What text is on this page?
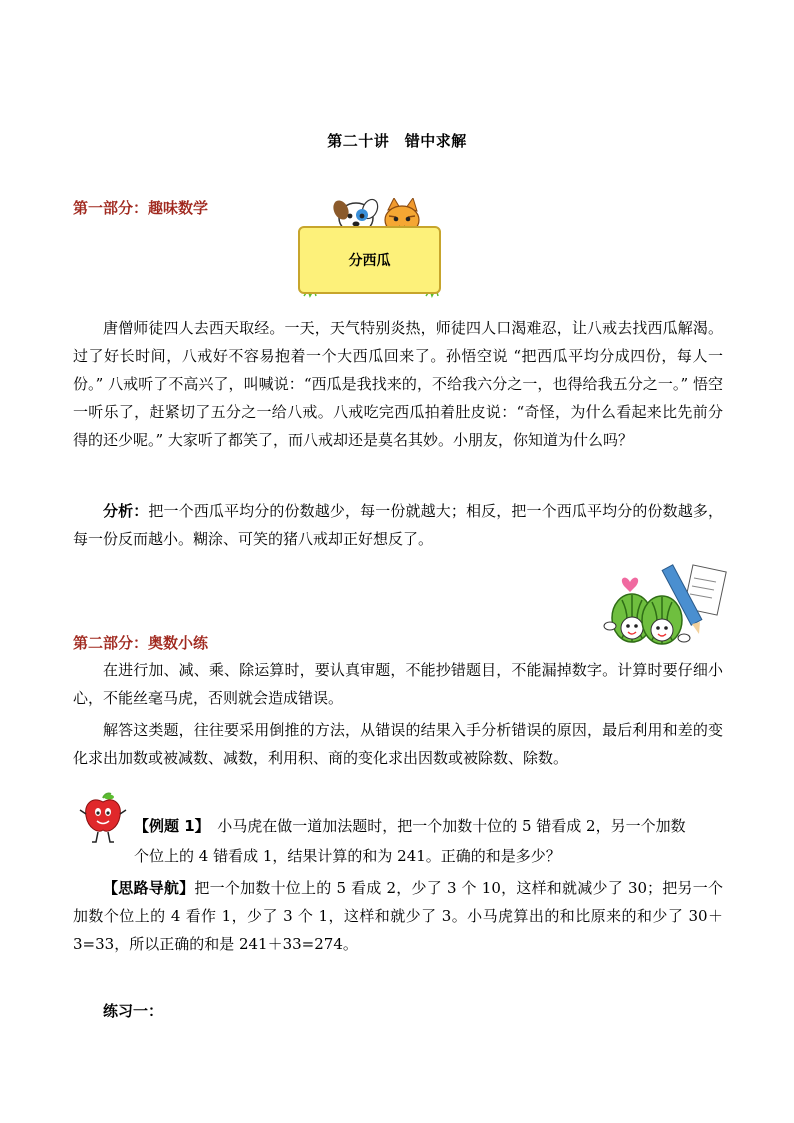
第二十讲　错中求解
第一部分：趣味数学
分西瓜
唐僧师徒四人去西天取经。一天，天气特别炎热，师徒四人口渴难忍，让八戒去找西瓜解渴。过了好长时间，八戒好不容易抱着一个大西瓜回来了。孙悟空说 “把西瓜平均分成四份，每人一份。” 八戒听了不高兴了，叫喊说：“西瓜是我找来的，不给我六分之一，也得给我五分之一。” 悟空一听乐了，赶紧切了五分之一给八戒。八戒吃完西瓜拍着肚皮说：“奇怪，为什么看起来比先前分得的还少呢。” 大家听了都笑了，而八戒却还是莫名其妙。小朋友，你知道为什么吗？
分析：把一个西瓜平均分的份数越少，每一份就越大；相反，把一个西瓜平均分的份数越多，每一份反而越小。糊涂、可笑的猪八戒却正好想反了。
第二部分：奥数小练
在进行加、减、乘、除运算时，要认真审题，不能抄错题目，不能漏掉数字。计算时要仔细小心，不能丝毫马虎，否则就会造成错误。
解答这类题，往往要采用倒推的方法，从错误的结果入手分析错误的原因，最后利用和差的变化求出加数或被减数、减数，利用积、商的变化求出因数或被除数、除数。
【例题 1】　 小马虎在做一道加法题时，把一个加数十位的 5 错看成 2，另一个加数
个位上的 4 错看成 1，结果计算的和为 241。正确的和是多少？
【思路导航】把一个加数十位上的 5 看成 2，少了 3 个 10，这样和就减少了 30；把另一个加数个位上的 4 看作 1，少了 3 个 1，这样和就少了 3。小马虎算出的和比原来的和少了 30＋3=33，所以正确的和是 241＋33=274。
练习一：
